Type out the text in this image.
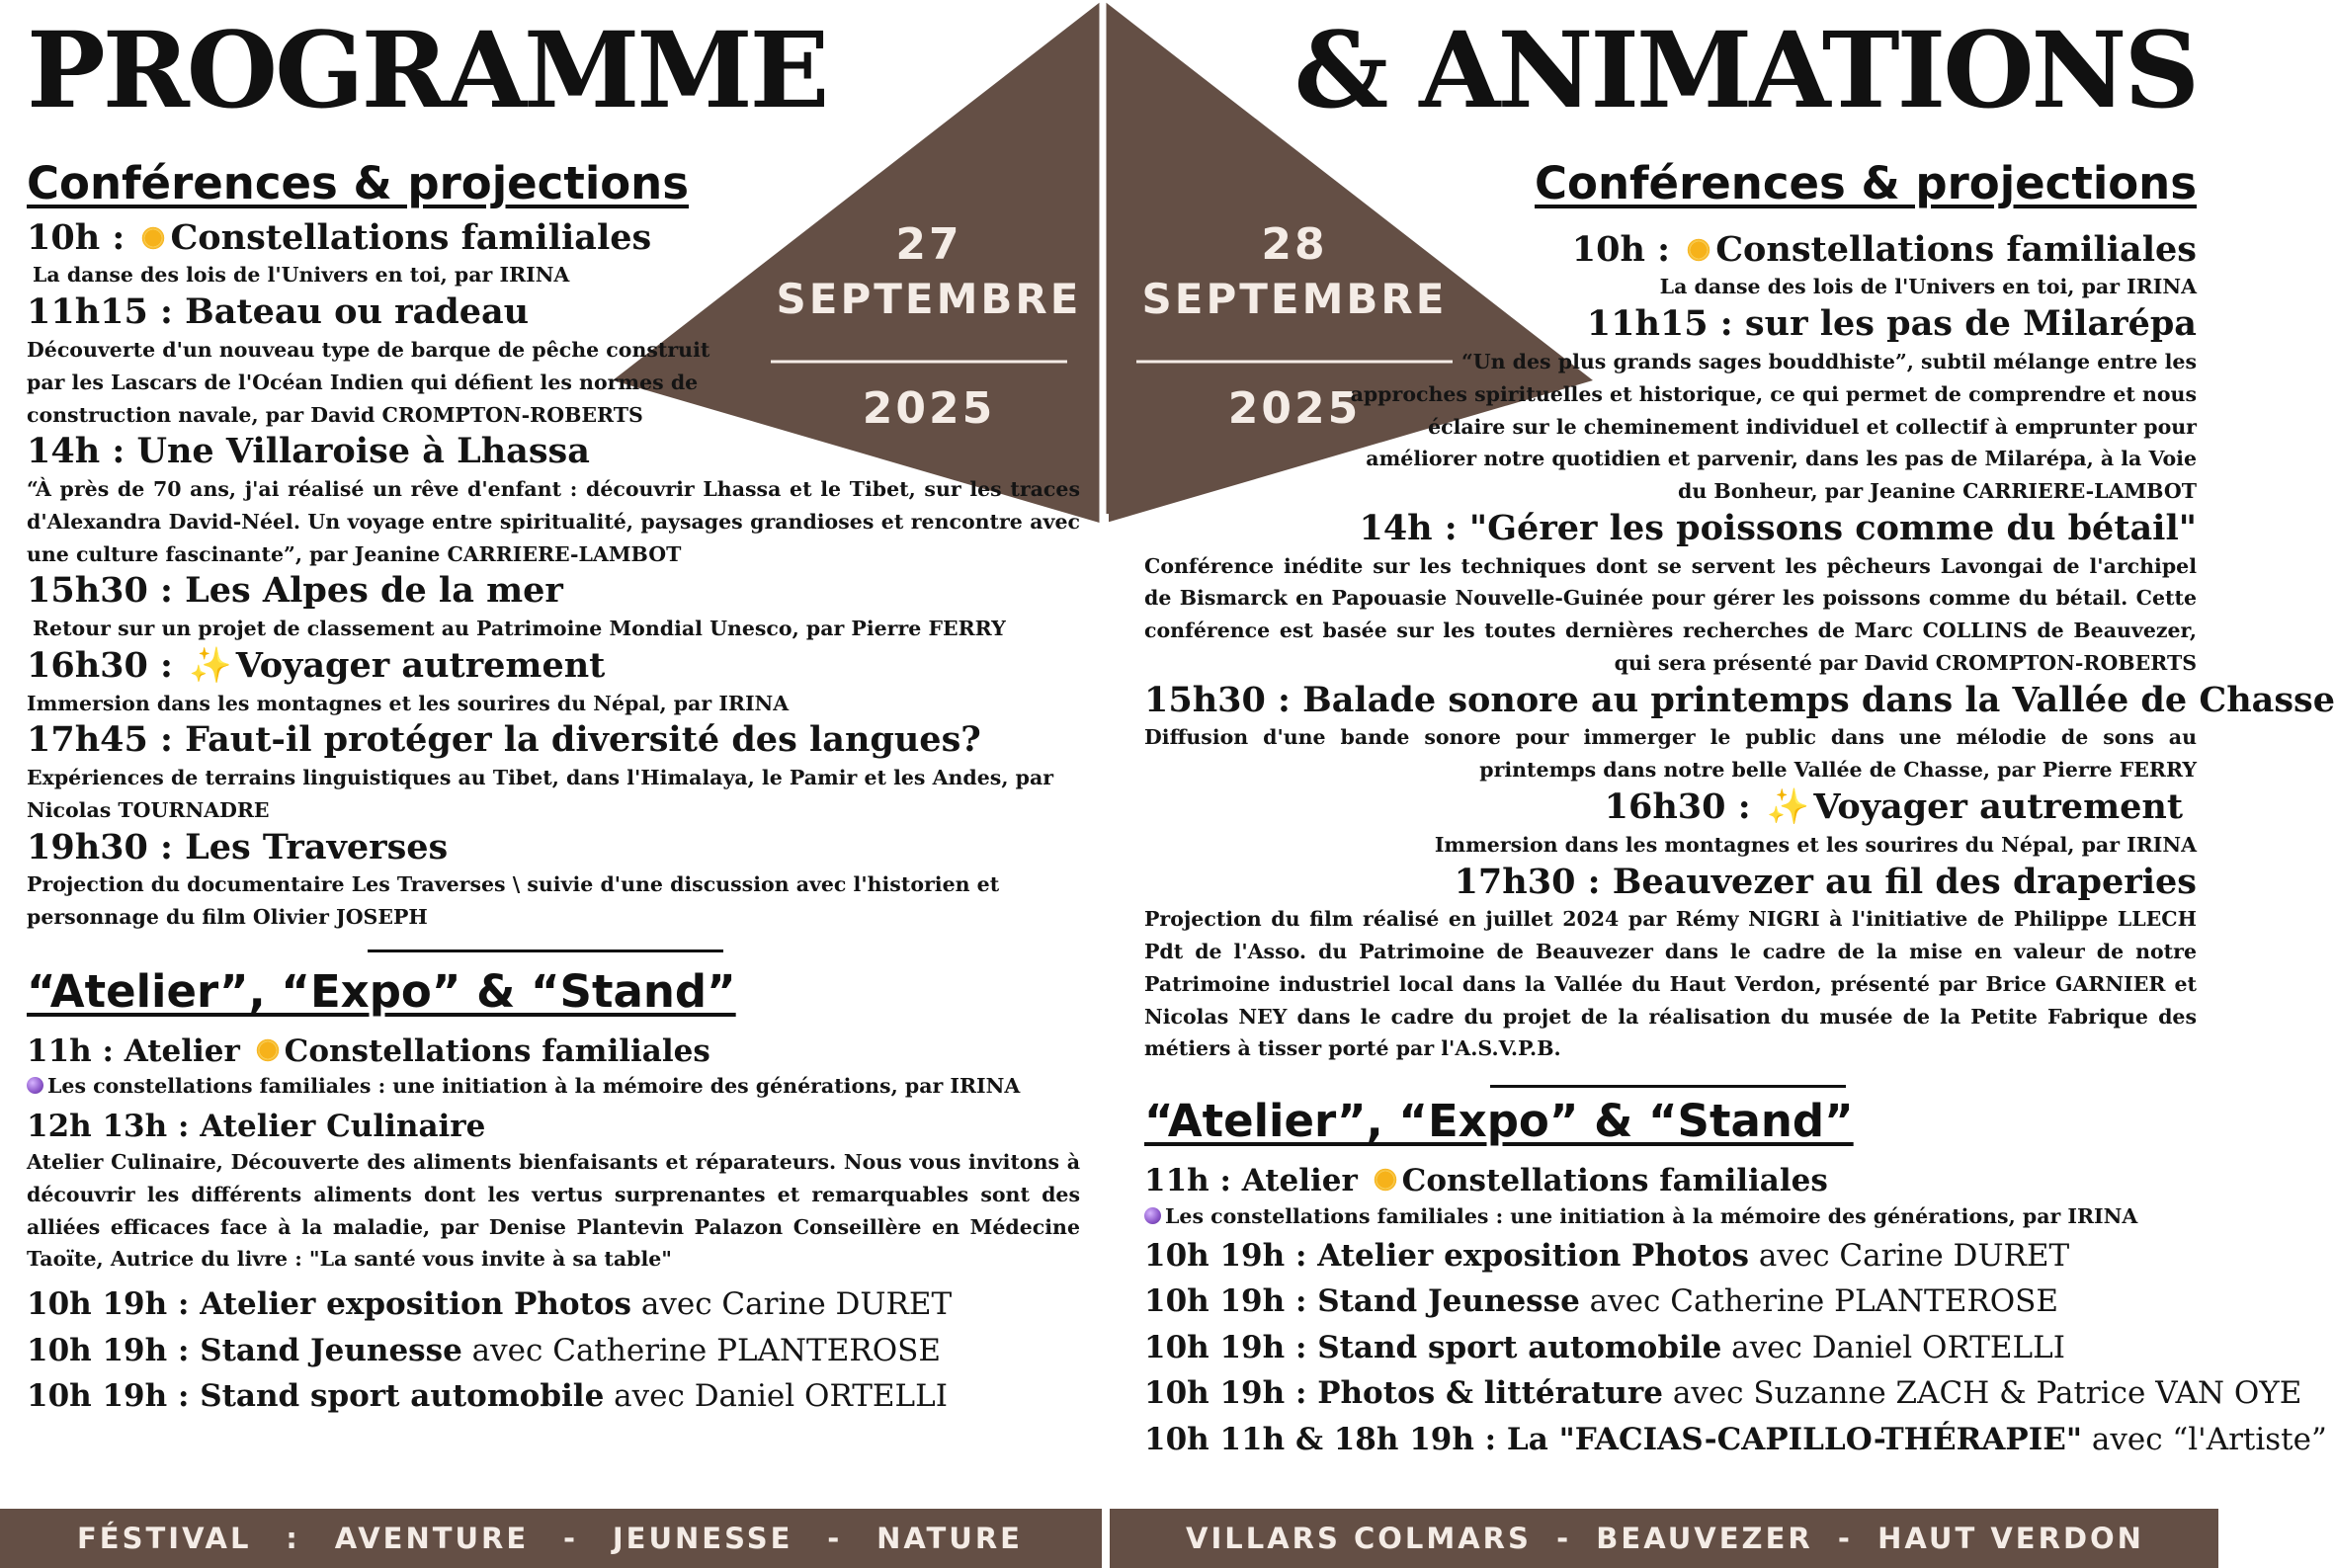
27
SEPTEMBRE
2025
28
SEPTEMBRE
2025
PROGRAMME	& ANIMATIONS
Conférences & projections

10h : Constellations familiales

La danse des lois de l'Univers en toi, par IRINA

11h15 : Bateau ou radeau

Découverte d'un nouveau type de barque de pêche construit par les Lascars de l'Océan Indien qui défient les normes de construction navale, par David CROMPTON-ROBERTS

14h : Une Villaroise à Lhassa

“À près de 70 ans, j'ai réalisé un rêve d'enfant : découvrir Lhassa et le Tibet, sur les traces d'Alexandra David-Néel. Un voyage entre spiritualité, paysages grandioses et rencontre avec une culture fascinante”, par Jeanine CARRIERE-LAMBOT

15h30 : Les Alpes de la mer

Retour sur un projet de classement au Patrimoine Mondial Unesco, par Pierre FERRY

16h30 : ✨ Voyager autrement

Immersion dans les montagnes et les sourires du Népal, par IRINA

17h45 : Faut-il protéger la diversité des langues?

Expériences de terrains linguistiques au Tibet, dans l'Himalaya, le Pamir et les Andes, par Nicolas TOURNADRE

19h30 : Les Traverses

Projection du documentaire Les Traverses \ suivie d'une discussion avec l'historien et personnage du film Olivier JOSEPH

“Atelier”, “Expo” & “Stand”

11h : Atelier Constellations familiales

Les constellations familiales : une initiation à la mémoire des générations, par IRINA

12h 13h : Atelier Culinaire

Atelier Culinaire, Découverte des aliments bienfaisants et réparateurs. Nous vous invitons à découvrir les différents aliments dont les vertus surprenantes et remarquables sont des alliées efficaces face à la maladie, par Denise Plantevin Palazon Conseillère en Médecine Taoïte, Autrice du livre : "La santé vous invite à sa table"

10h 19h : Atelier exposition Photos avec Carine DURET

10h 19h : Stand Jeunesse avec Catherine PLANTEROSE

10h 19h : Stand sport automobile avec Daniel ORTELLI

Conférences & projections

10h : Constellations familiales

La danse des lois de l'Univers en toi, par IRINA

11h15 : sur les pas de Milarépa

“Un des plus grands sages bouddhiste”, subtil mélange entre les approches spirituelles et historique, ce qui permet de comprendre et nous éclaire sur le cheminement individuel et collectif à emprunter pour améliorer notre quotidien et parvenir, dans les pas de Milarépa, à la Voie du Bonheur, par Jeanine CARRIERE-LAMBOT

14h : "Gérer les poissons comme du bétail"

Conférence inédite sur les techniques dont se servent les pêcheurs Lavongai de l'archipel de Bismarck en Papouasie Nouvelle-Guinée pour gérer les poissons comme du bétail. Cette conférence est basée sur les toutes dernières recherches de Marc COLLINS de Beauvezer, qui sera présenté par David CROMPTON-ROBERTS

15h30 : Balade sonore au printemps dans la Vallée de Chasse

Diffusion d'une bande sonore pour immerger le public dans une mélodie de sons au printemps dans notre belle Vallée de Chasse, par Pierre FERRY

16h30 : ✨ Voyager autrement

Immersion dans les montagnes et les sourires du Népal, par IRINA

17h30 : Beauvezer au fil des draperies

Projection du film réalisé en juillet 2024 par Rémy NIGRI à l'initiative de Philippe LLECH Pdt de l'Asso. du Patrimoine de Beauvezer dans le cadre de la mise en valeur de notre Patrimoine industriel local dans la Vallée du Haut Verdon, présenté par Brice GARNIER et Nicolas NEY dans le cadre du projet de la réalisation du musée de la Petite Fabrique des métiers à tisser porté par l'A.S.V.P.B.

“Atelier”, “Expo” & “Stand”

11h : Atelier Constellations familiales

Les constellations familiales : une initiation à la mémoire des générations, par IRINA

10h 19h : Atelier exposition Photos avec Carine DURET

10h 19h : Stand Jeunesse avec Catherine PLANTEROSE

10h 19h : Stand sport automobile avec Daniel ORTELLI

10h 19h : Photos & littérature avec Suzanne ZACH & Patrice VAN OYE

10h 11h & 18h 19h : La "FACIAS-CAPILLO-THÉRAPIE" avec “l'Artiste”

FÉSTIVAL : AVENTURE - JEUNESSE - NATURE	VILLARS COLMARS - BEAUVEZER - HAUT VERDON
